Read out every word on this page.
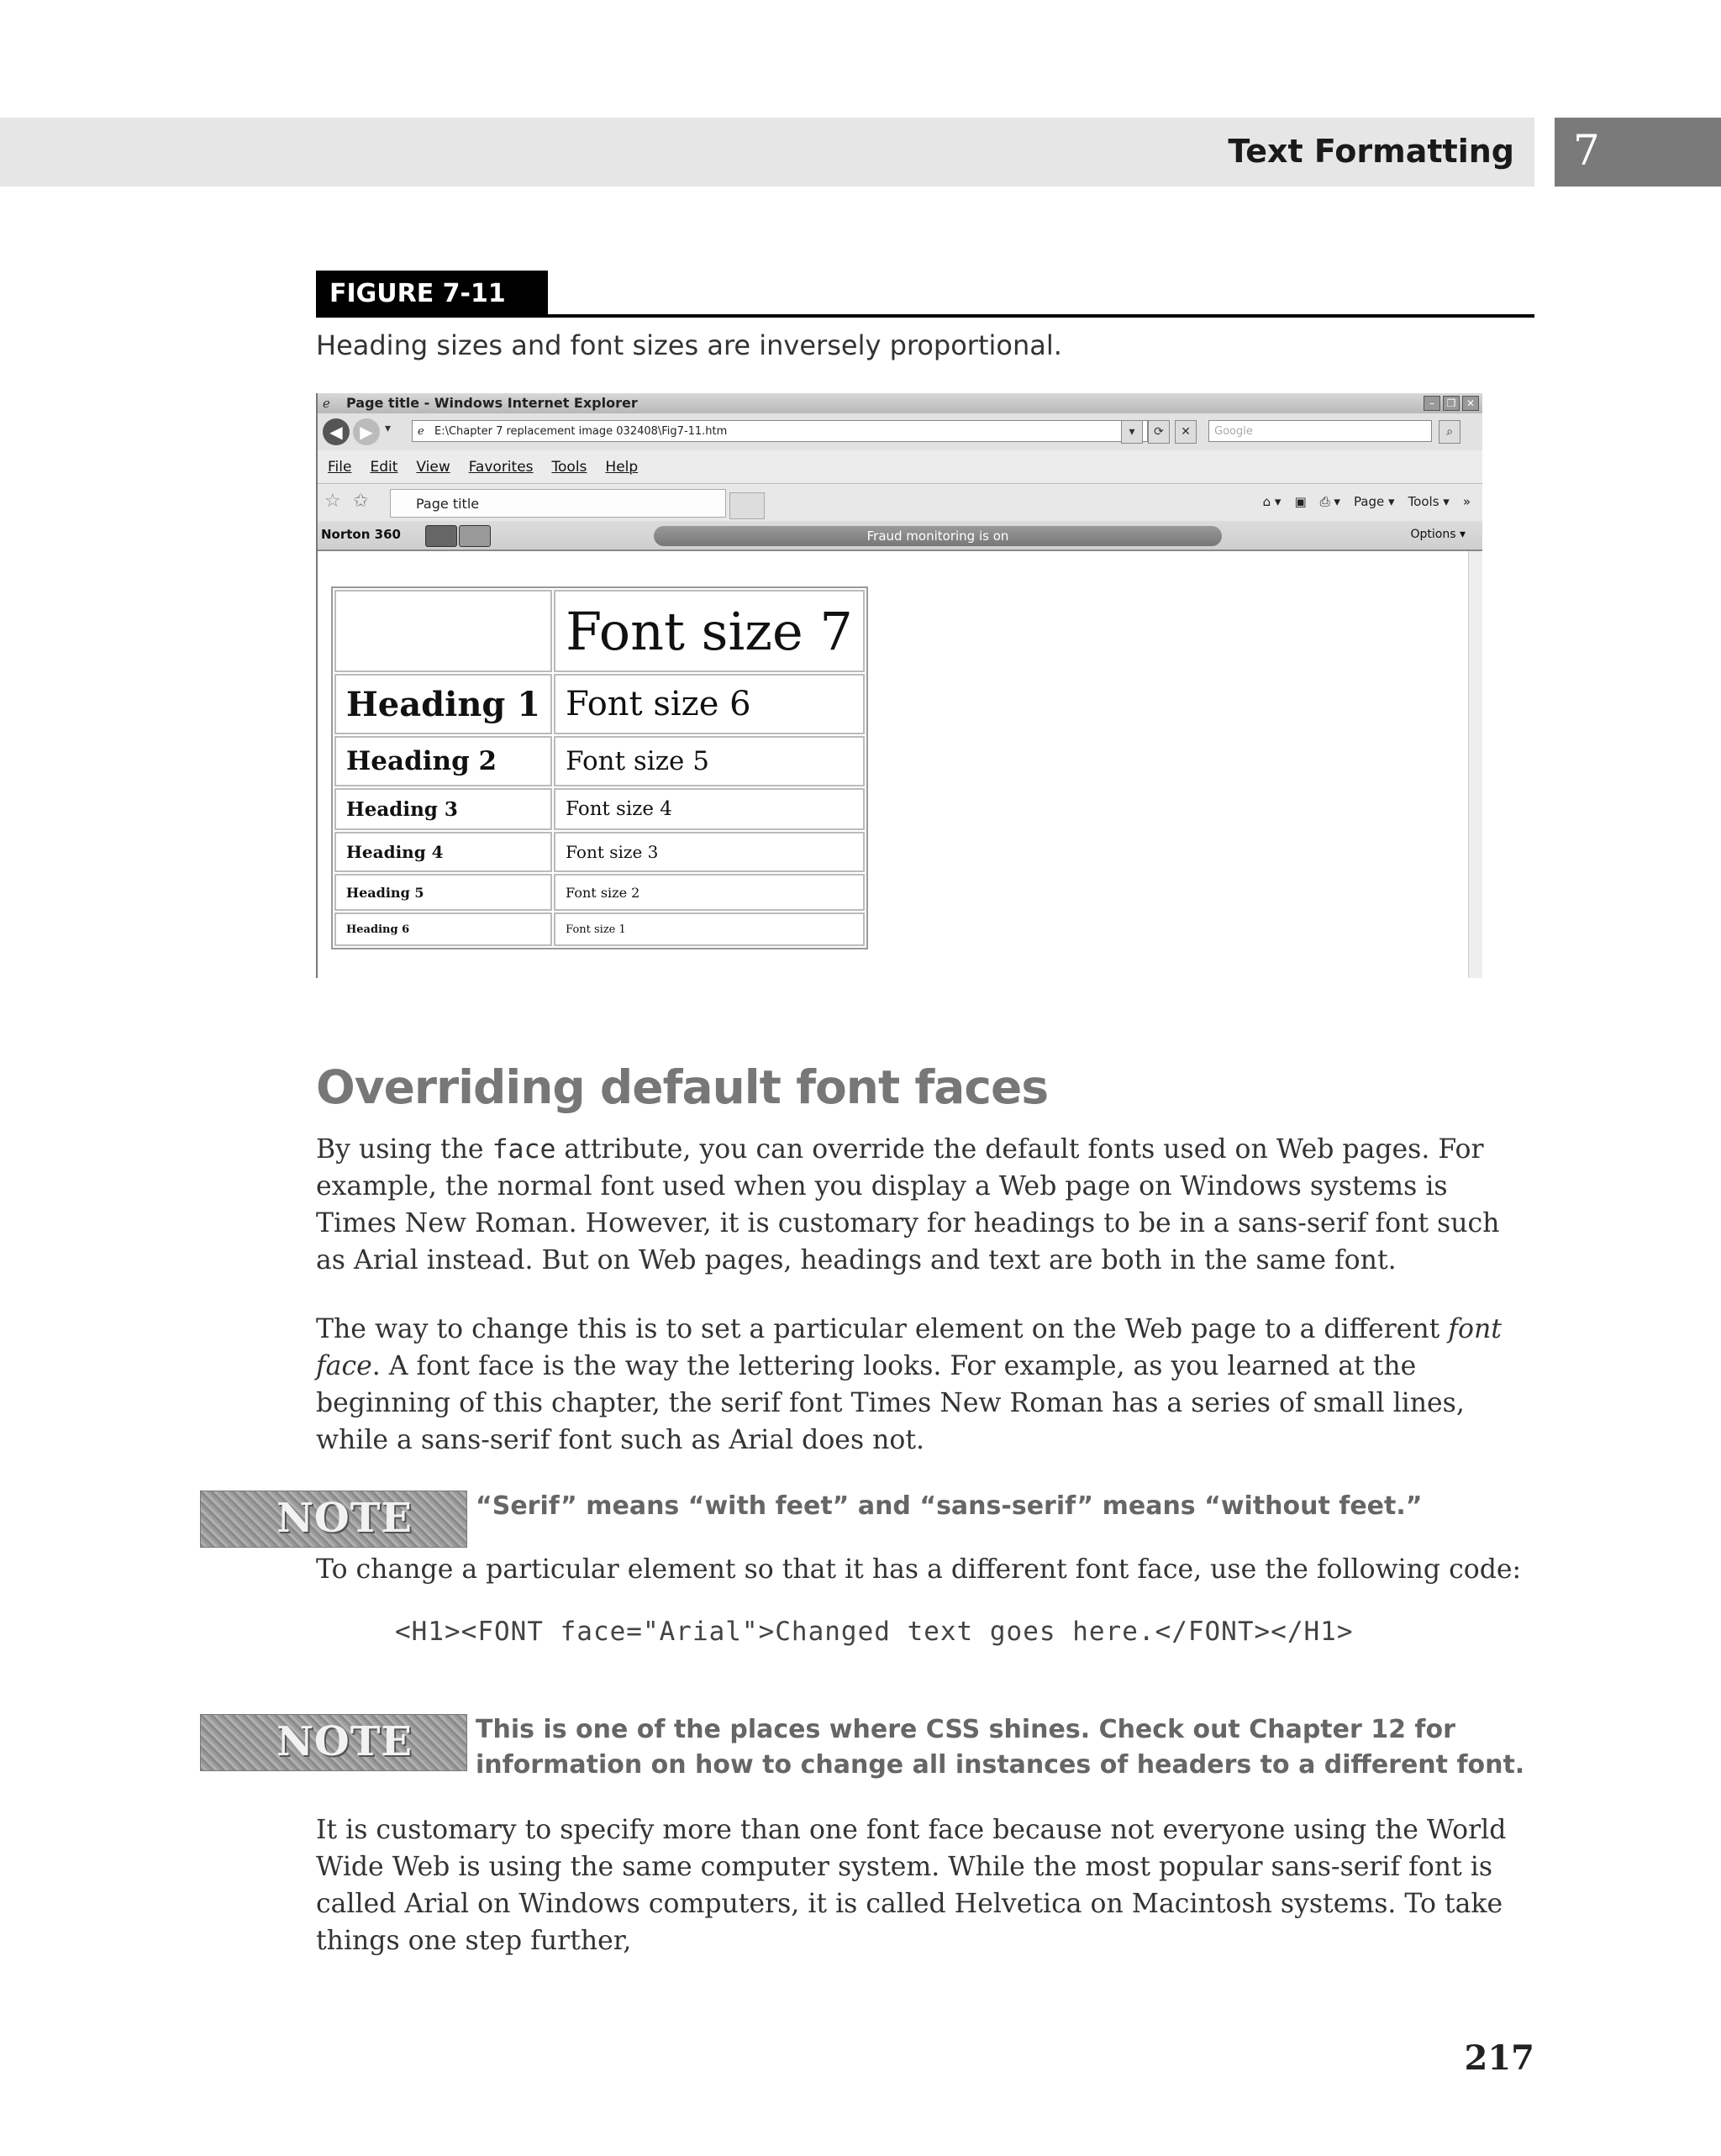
Text Formatting 7
FIGURE 7-11
Heading sizes and font sizes are inversely proportional.
ℯ Page title - Windows Internet Explorer	–	❐	✕
◀	▶	▾ ℯ E:\Chapter 7 replacement image 032408\Fig7-11.htm	▾	⟳	✕	Google	⌕
File Edit View Favorites Tools Help
☆ ✩	Page title	⌂ ▾ ▣ ⎙ ▾ Page ▾ Tools ▾ »
Norton 360	Fraud monitoring is on	Options ▾
	Font size 7
Heading 1	Font size 6
Heading 2	Font size 5
Heading 3	Font size 4
Heading 4	Font size 3
Heading 5	Font size 2
Heading 6	Font size 1
Overriding default font faces

By using the face attribute, you can override the default fonts used on Web pages. For example, the normal font used when you display a Web page on Windows systems is Times New Roman. However, it is customary for headings to be in a sans-serif font such as Arial instead. But on Web pages, headings and text are both in the same font.

The way to change this is to set a particular element on the Web page to a different font face. A font face is the way the lettering looks. For example, as you learned at the beginning of this chapter, the serif font Times New Roman has a series of small lines, while a sans-serif font such as Arial does not.

NOTE	“Serif” means “with feet” and “sans-serif” means “without feet.”

To change a particular element so that it has a different font face, use the following code:

<H1><FONT face="Arial">Changed text goes here.</FONT></H1>
NOTE	This is one of the places where CSS shines. Check out Chapter 12 for information on how to change all instances of headers to a different font.

It is customary to specify more than one font face because not everyone using the World Wide Web is using the same computer system. While the most popular sans-serif font is called Arial on Windows computers, it is called Helvetica on Macintosh systems. To take things one step further,

217
